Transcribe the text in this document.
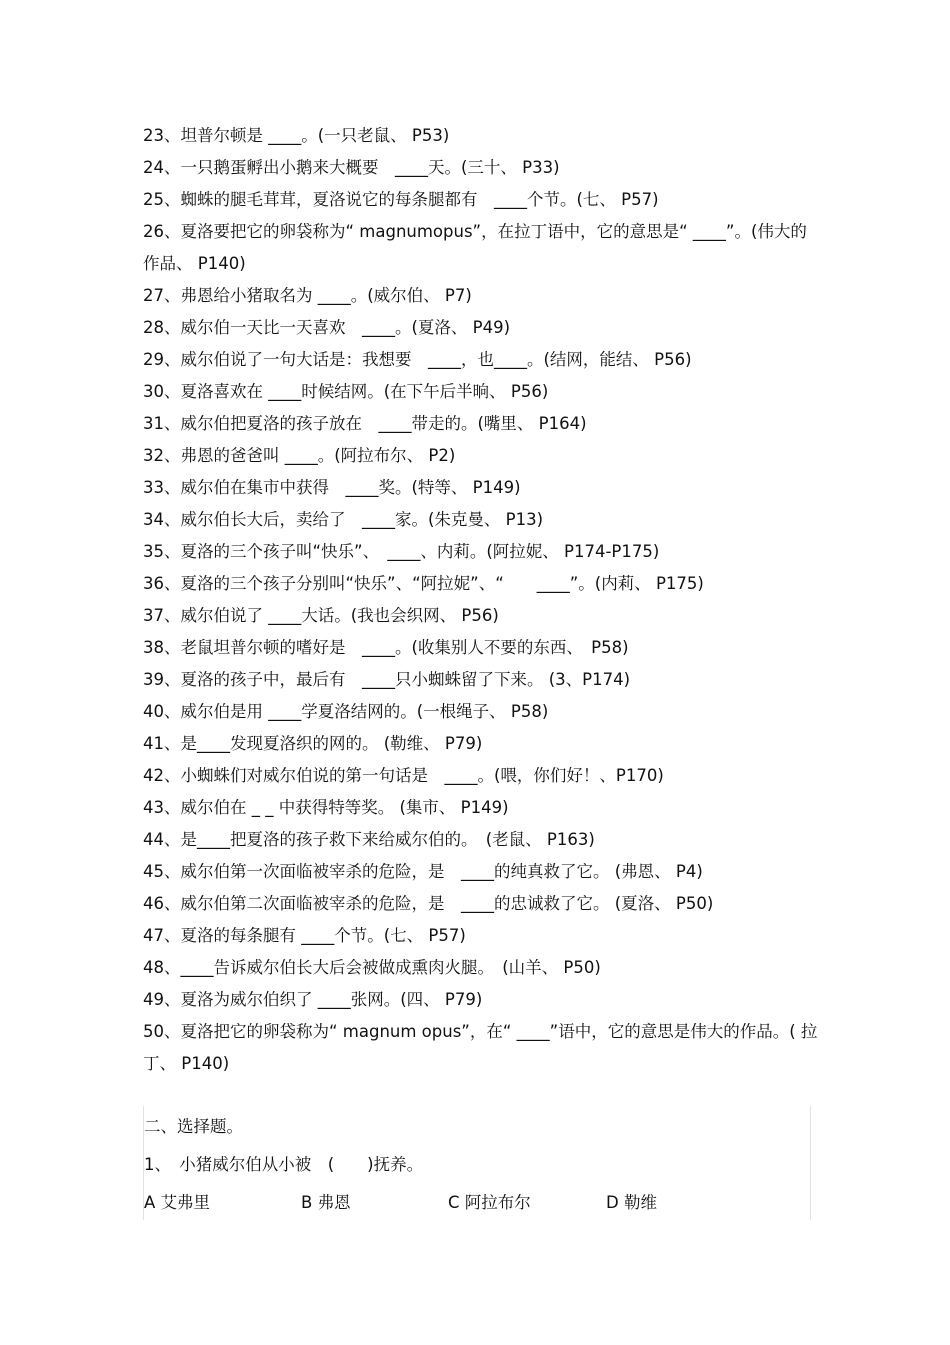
23、坦普尔顿是 ____。(一只老鼠、 P53)
24、一只鹅蛋孵出小鹅来大概要　____天。(三十、 P33)
25、蜘蛛的腿毛茸茸，夏洛说它的每条腿都有　____个节。(七、 P57)
26、夏洛要把它的卵袋称为“ magnumopus”，在拉丁语中，它的意思是“ ____”。(伟大的作品、 P140)
27、弗恩给小猪取名为 ____。(威尔伯、 P7)
28、威尔伯一天比一天喜欢　____。(夏洛、 P49)
29、威尔伯说了一句大话是：我想要　____，也____。(结网，能结、 P56)
30、夏洛喜欢在 ____时候结网。(在下午后半晌、 P56)
31、威尔伯把夏洛的孩子放在　____带走的。(嘴里、 P164)
32、弗恩的爸爸叫 ____。(阿拉布尔、 P2)
33、威尔伯在集市中获得　____奖。(特等、 P149)
34、威尔伯长大后，卖给了　____家。(朱克曼、 P13)
35、夏洛的三个孩子叫“快乐”、　____、内莉。(阿拉妮、 P174-P175)
36、夏洛的三个孩子分别叫“快乐”、“阿拉妮”、“　　____”。(内莉、 P175)
37、威尔伯说了 ____大话。(我也会织网、 P56)
38、老鼠坦普尔顿的嗜好是　____。(收集别人不要的东西、　P58)
39、夏洛的孩子中，最后有　____只小蜘蛛留了下来。 (3、P174)
40、威尔伯是用 ____学夏洛结网的。(一根绳子、 P58)
41、是____发现夏洛织的网的。 (勒维、 P79)
42、小蜘蛛们对威尔伯说的第一句话是　____。(喂，你们好！、P170)
43、威尔伯在 _ _ 中获得特等奖。 (集市、 P149)
44、是____把夏洛的孩子救下来给威尔伯的。　(老鼠、 P163)
45、威尔伯第一次面临被宰杀的危险，是　____的纯真救了它。 (弗恩、 P4)
46、威尔伯第二次面临被宰杀的危险，是　____的忠诚救了它。 (夏洛、 P50)
47、夏洛的每条腿有 ____个节。(七、 P57)
48、____告诉威尔伯长大后会被做成熏肉火腿。　(山羊、 P50)
49、夏洛为威尔伯织了 ____张网。(四、 P79)
50、夏洛把它的卵袋称为“ magnum opus”，在“ ____”语中，它的意思是伟大的作品。( 拉丁、 P140)
二、选择题。
1、　小猪威尔伯从小被　(　　)抚养。
A 艾弗里	B 弗恩	C 阿拉布尔	D 勒维
